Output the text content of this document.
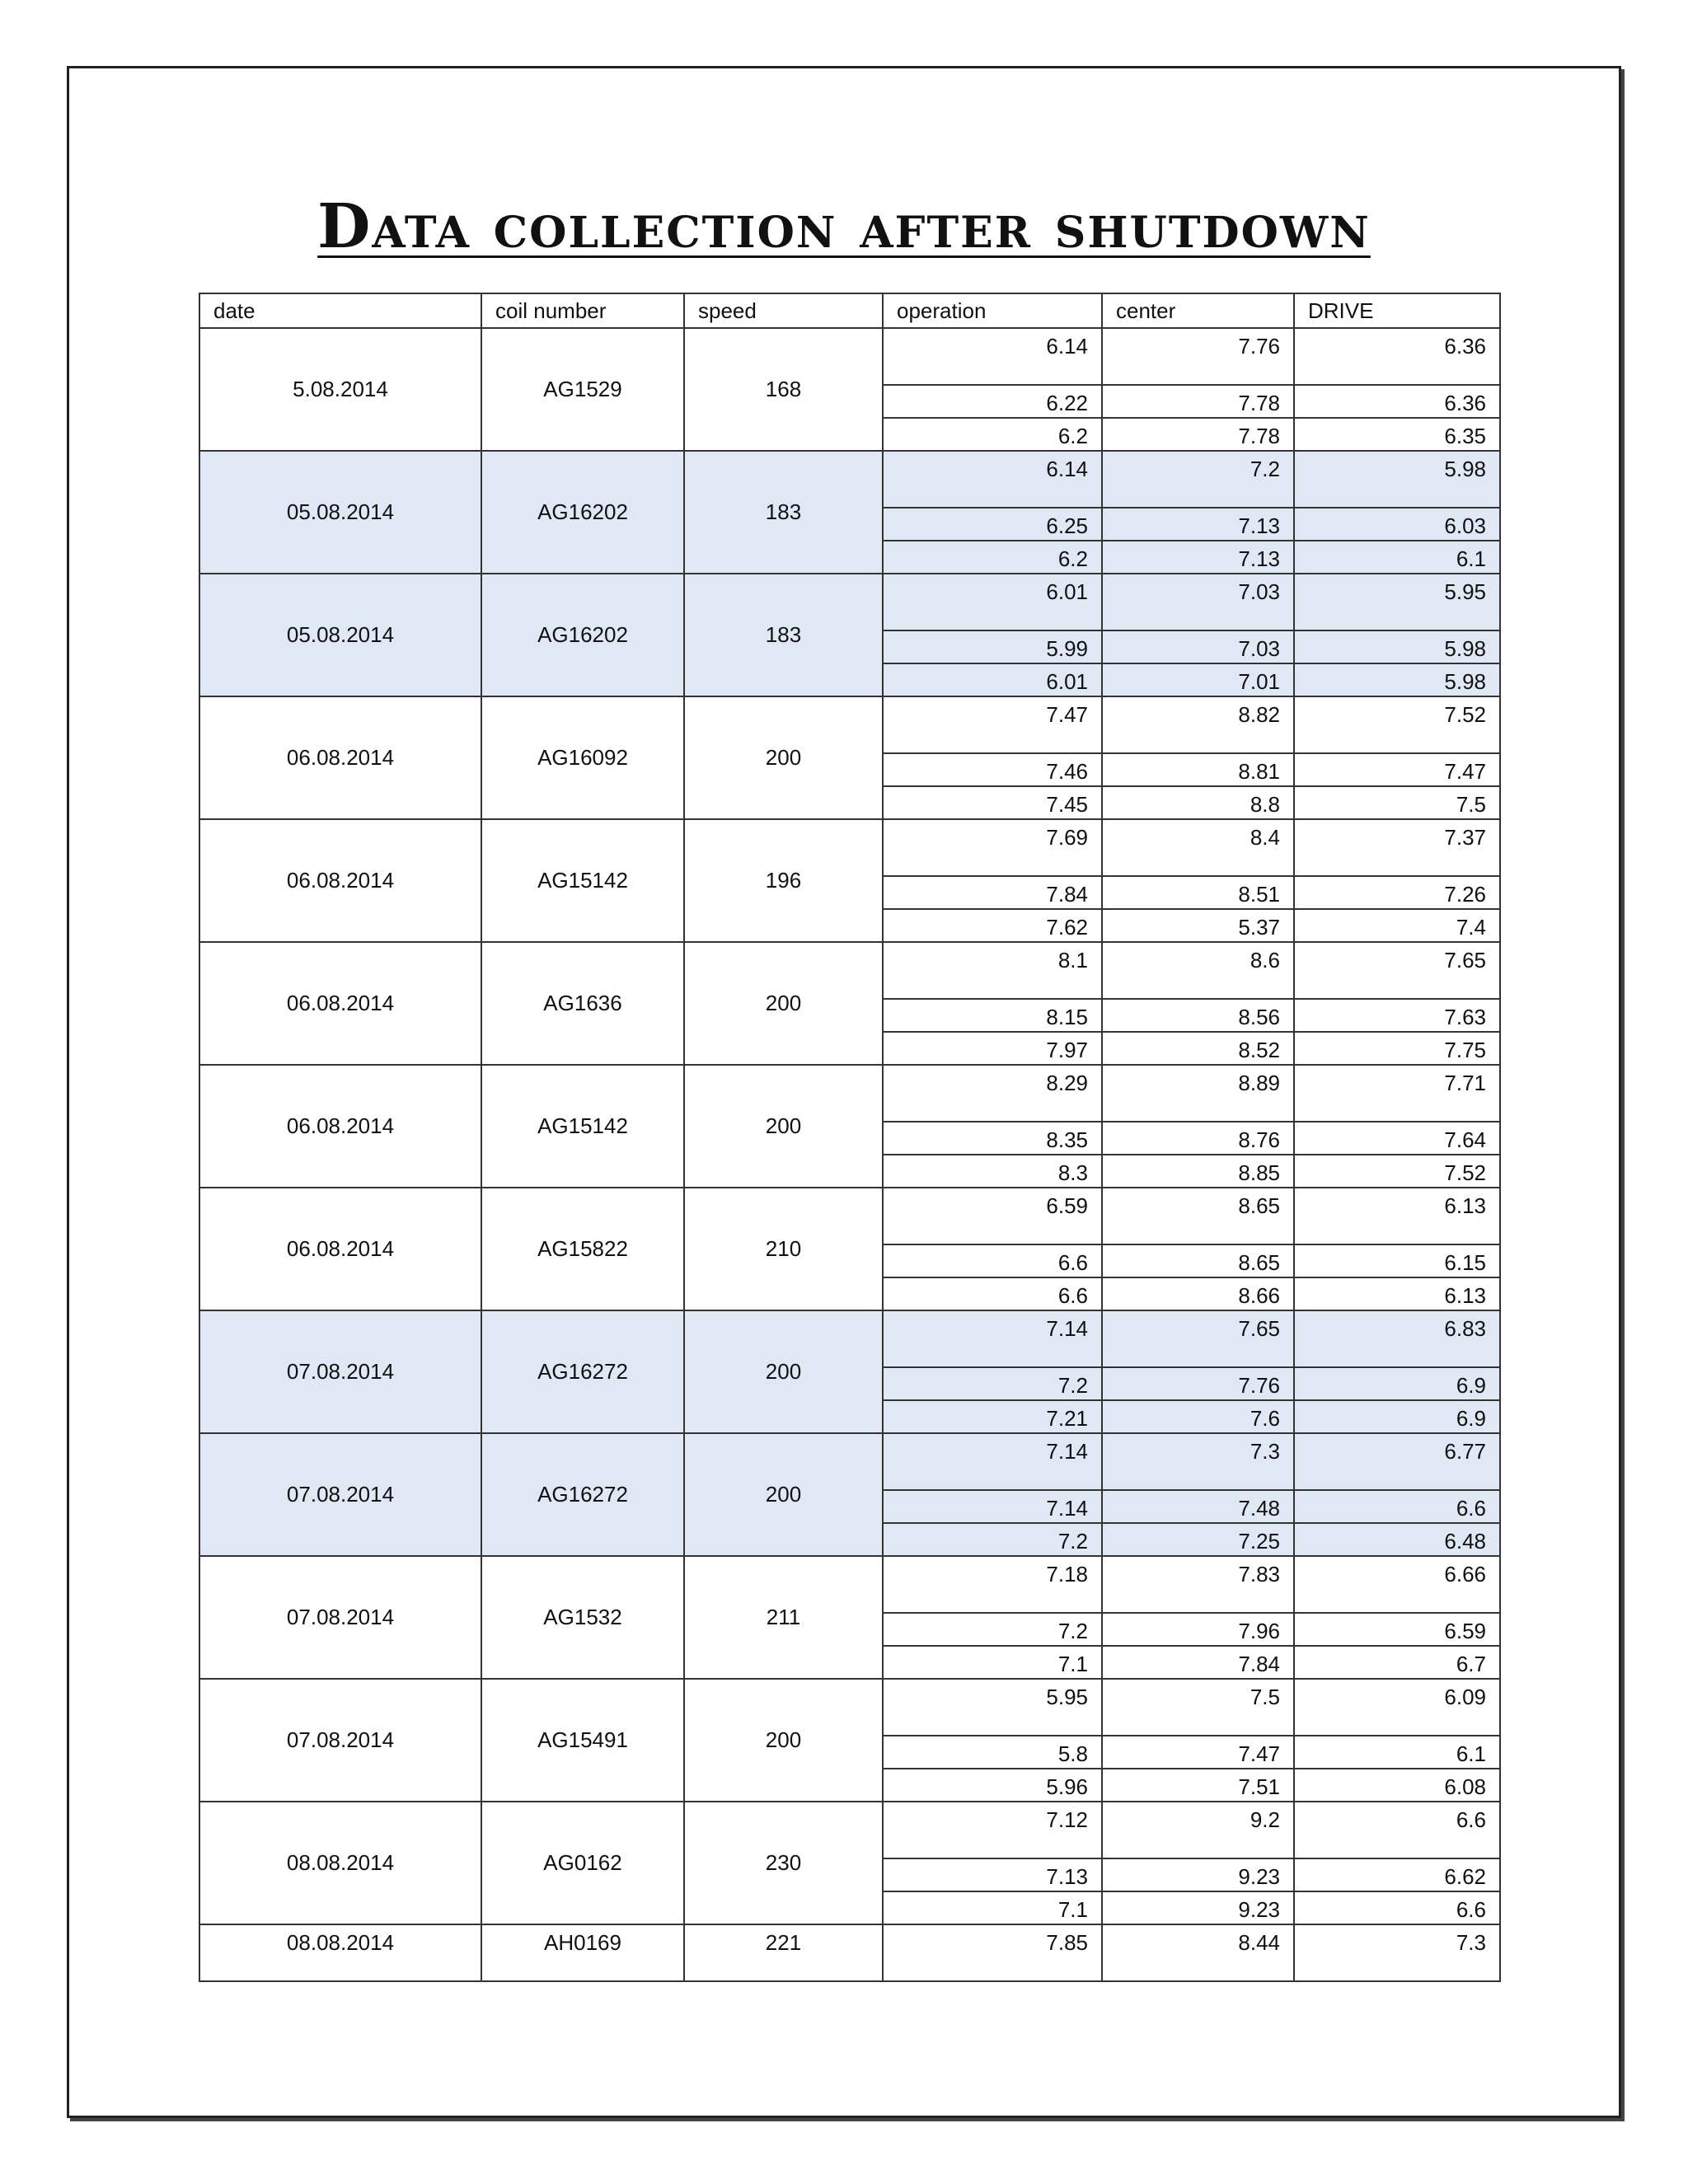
Data collection after shutdown
date	coil number	speed	operation	center	DRIVE
5.08.2014	AG1529	168	6.14	7.76	6.36
			6.22	7.78	6.36
			6.2	7.78	6.35
05.08.2014	AG16202	183	6.14	7.2	5.98
			6.25	7.13	6.03
			6.2	7.13	6.1
05.08.2014	AG16202	183	6.01	7.03	5.95
			5.99	7.03	5.98
			6.01	7.01	5.98
06.08.2014	AG16092	200	7.47	8.82	7.52
			7.46	8.81	7.47
			7.45	8.8	7.5
06.08.2014	AG15142	196	7.69	8.4	7.37
			7.84	8.51	7.26
			7.62	5.37	7.4
06.08.2014	AG1636	200	8.1	8.6	7.65
			8.15	8.56	7.63
			7.97	8.52	7.75
06.08.2014	AG15142	200	8.29	8.89	7.71
			8.35	8.76	7.64
			8.3	8.85	7.52
06.08.2014	AG15822	210	6.59	8.65	6.13
			6.6	8.65	6.15
			6.6	8.66	6.13
07.08.2014	AG16272	200	7.14	7.65	6.83
			7.2	7.76	6.9
			7.21	7.6	6.9
07.08.2014	AG16272	200	7.14	7.3	6.77
			7.14	7.48	6.6
			7.2	7.25	6.48
07.08.2014	AG1532	211	7.18	7.83	6.66
			7.2	7.96	6.59
			7.1	7.84	6.7
07.08.2014	AG15491	200	5.95	7.5	6.09
			5.8	7.47	6.1
			5.96	7.51	6.08
08.08.2014	AG0162	230	7.12	9.2	6.6
			7.13	9.23	6.62
			7.1	9.23	6.6
08.08.2014	AH0169	221	7.85	8.44	7.3
